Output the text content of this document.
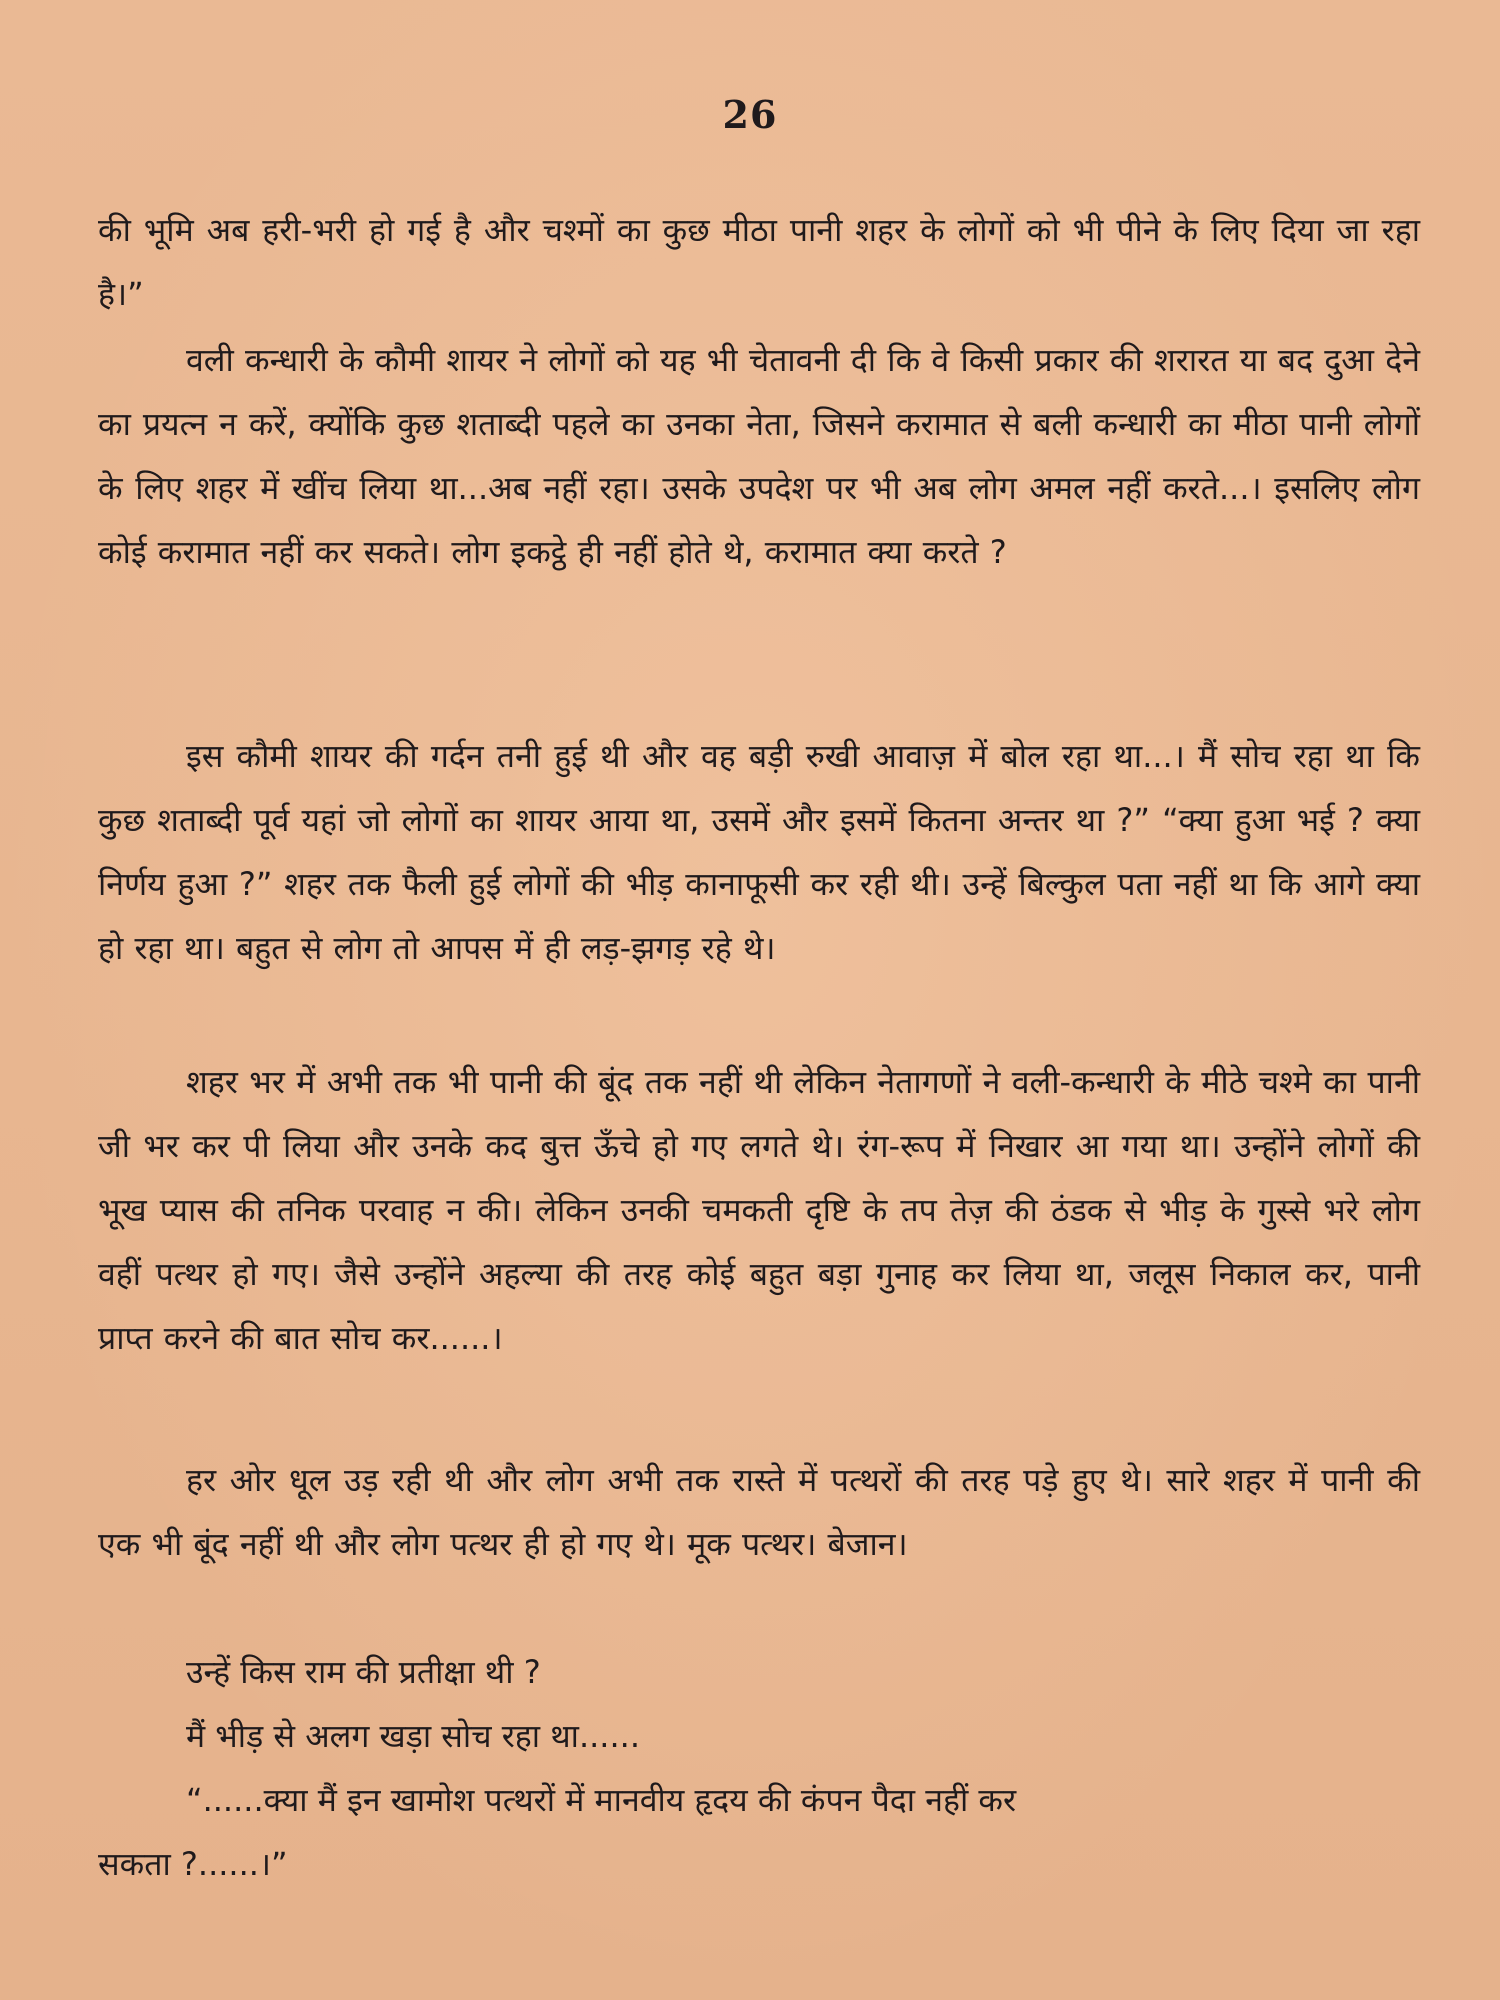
26

की भूमि अब हरी-भरी हो गई है और चश्मों का कुछ मीठा पानी शहर के लोगों को भी पीने के लिए दिया जा रहा है।”

वली कन्धारी के कौमी शायर ने लोगों को यह भी चेतावनी दी कि वे किसी प्रकार की शरारत या बद दुआ देने का प्रयत्न न करें, क्योंकि कुछ शताब्दी पहले का उनका नेता, जिसने करामात से बली कन्धारी का मीठा पानी लोगों के लिए शहर में खींच लिया था...अब नहीं रहा। उसके उपदेश पर भी अब लोग अमल नहीं करते...। इसलिए लोग कोई करामात नहीं कर सकते। लोग इकट्ठे ही नहीं होते थे, करामात क्या करते ?

इस कौमी शायर की गर्दन तनी हुई थी और वह बड़ी रुखी आवाज़ में बोल रहा था...। मैं सोच रहा था कि कुछ शताब्दी पूर्व यहां जो लोगों का शायर आया था, उसमें और इसमें कितना अन्तर था ?” “क्या हुआ भई ? क्या निर्णय हुआ ?” शहर तक फैली हुई लोगों की भीड़ कानाफूसी कर रही थी। उन्हें बिल्कुल पता नहीं था कि आगे क्या हो रहा था। बहुत से लोग तो आपस में ही लड़-झगड़ रहे थे।

शहर भर में अभी तक भी पानी की बूंद तक नहीं थी लेकिन नेतागणों ने वली-कन्धारी के मीठे चश्मे का पानी जी भर कर पी लिया और उनके कद बुत्त ऊँचे हो गए लगते थे। रंग-रूप में निखार आ गया था। उन्होंने लोगों की भूख प्यास की तनिक परवाह न की। लेकिन उनकी चमकती दृष्टि के तप तेज़ की ठंडक से भीड़ के गुस्से भरे लोग वहीं पत्थर हो गए। जैसे उन्होंने अहल्या की तरह कोई बहुत बड़ा गुनाह कर लिया था, जलूस निकाल कर, पानी प्राप्त करने की बात सोच कर......।

हर ओर धूल उड़ रही थी और लोग अभी तक रास्ते में पत्थरों की तरह पड़े हुए थे। सारे शहर में पानी की एक भी बूंद नहीं थी और लोग पत्थर ही हो गए थे। मूक पत्थर। बेजान।

उन्हें किस राम की प्रतीक्षा थी ?
मैं भीड़ से अलग खड़ा सोच रहा था......
“......क्या मैं इन खामोश पत्थरों में मानवीय हृदय की कंपन पैदा नहीं कर
सकता ?......।”
